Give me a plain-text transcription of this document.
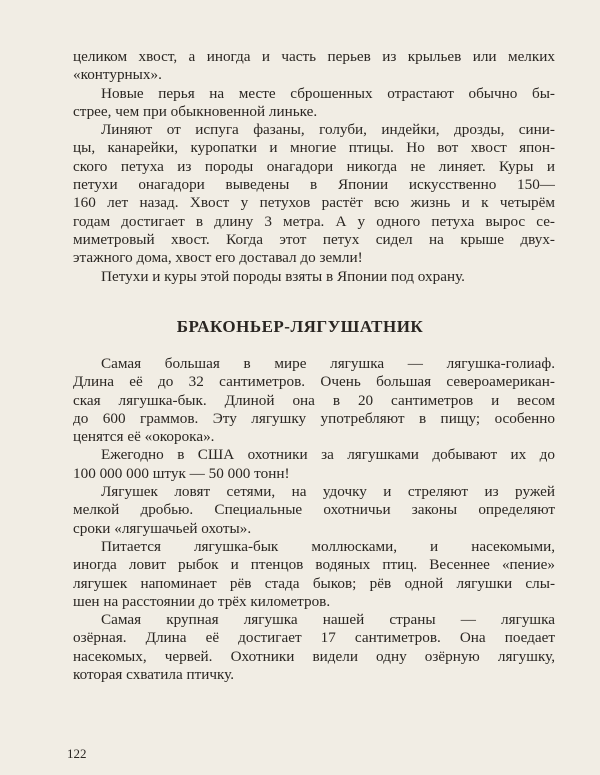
целиком хвост, а иногда и часть перьев из крыльев или мелких
«контурных».
Новые перья на месте сброшенных отрастают обычно бы-
стрее, чем при обыкновенной линьке.
Линяют от испуга фазаны, голуби, индейки, дрозды, сини-
цы, канарейки, куропатки и многие птицы. Но вот хвост япон-
ского петуха из породы онагадори никогда не линяет. Куры и
петухи онагадори выведены в Японии искусственно 150—
160 лет назад. Хвост у петухов растёт всю жизнь и к четырём
годам достигает в длину 3 метра. А у одного петуха вырос се-
миметровый хвост. Когда этот петух сидел на крыше двух-
этажного дома, хвост его доставал до земли!
Петухи и куры этой породы взяты в Японии под охрану.
БРАКОНЬЕР-ЛЯГУШАТНИК
Самая большая в мире лягушка — лягушка-голиаф.
Длина её до 32 сантиметров. Очень большая североамерикан-
ская лягушка-бык. Длиной она в 20 сантиметров и весом
до 600 граммов. Эту лягушку употребляют в пищу; особенно
ценятся её «окорока».
Ежегодно в США охотники за лягушками добывают их до
100 000 000 штук — 50 000 тонн!
Лягушек ловят сетями, на удочку и стреляют из ружей
мелкой дробью. Специальные охотничьи законы определяют
сроки «лягушачьей охоты».
Питается лягушка-бык моллюсками, и насекомыми,
иногда ловит рыбок и птенцов водяных птиц. Весеннее «пение»
лягушек напоминает рёв стада быков; рёв одной лягушки слы-
шен на расстоянии до трёх километров.
Самая крупная лягушка нашей страны — лягушка
озёрная. Длина её достигает 17 сантиметров. Она поедает
насекомых, червей. Охотники видели одну озёрную лягушку,
которая схватила птичку.
122
